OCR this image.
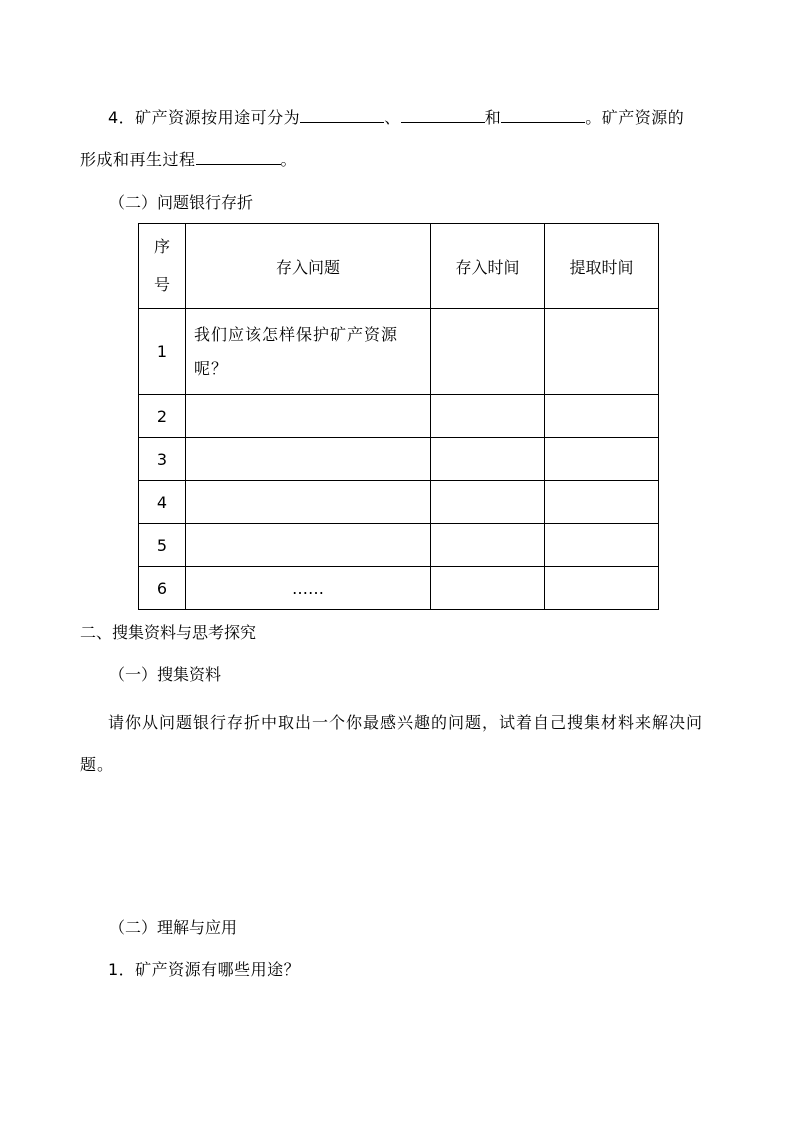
4．矿产资源按用途可分为	、	和	。矿产资源的
形成和再生过程	。
（二）问题银行存折
序
号	存入问题	存入时间	提取时间
1	我们应该怎样保护矿产资源呢？		
2			
3			
4			
5			
6	……		
二、搜集资料与思考探究
（一）搜集资料
请你从问题银行存折中取出一个你最感兴趣的问题，试着自己搜集材料来解决问题。
（二）理解与应用
1．矿产资源有哪些用途？
